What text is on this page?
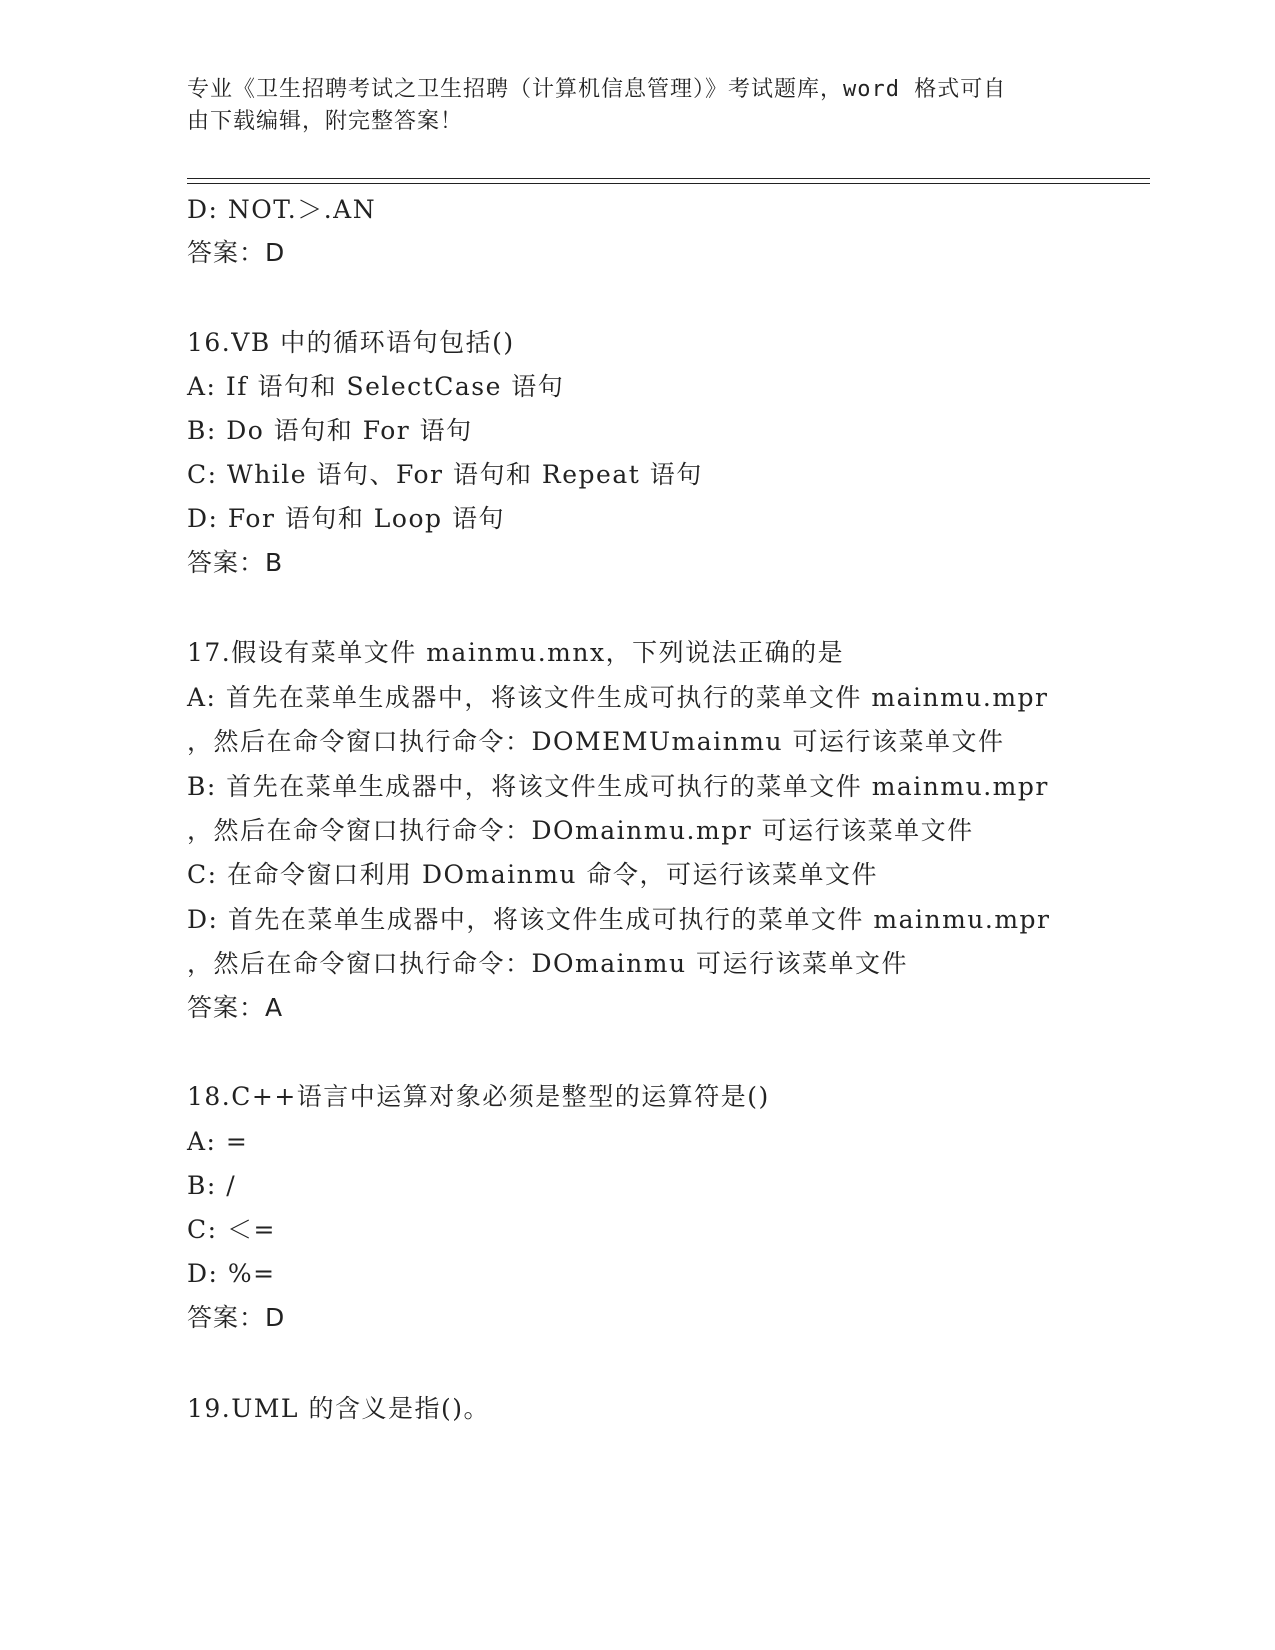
专业《卫生招聘考试之卫生招聘（计算机信息管理）》考试题库，word 格式可自
由下载编辑，附完整答案！
D: NOT.＞.AN
答案：D
16.VB 中的循环语句包括()
A: If 语句和 SelectCase 语句
B: Do 语句和 For 语句
C: While 语句、For 语句和 Repeat 语句
D: For 语句和 Loop 语句
答案：B
17.假设有菜单文件 mainmu.mnx，下列说法正确的是
A: 首先在菜单生成器中，将该文件生成可执行的菜单文件 mainmu.mpr
，然后在命令窗口执行命令：DOMEMUmainmu 可运行该菜单文件
B: 首先在菜单生成器中，将该文件生成可执行的菜单文件 mainmu.mpr
，然后在命令窗口执行命令：DOmainmu.mpr 可运行该菜单文件
C: 在命令窗口利用 DOmainmu 命令，可运行该菜单文件
D: 首先在菜单生成器中，将该文件生成可执行的菜单文件 mainmu.mpr
，然后在命令窗口执行命令：DOmainmu 可运行该菜单文件
答案：A
18.C++语言中运算对象必须是整型的运算符是()
A: =
B: /
C: ＜=
D: %=
答案：D
19.UML 的含义是指()。
